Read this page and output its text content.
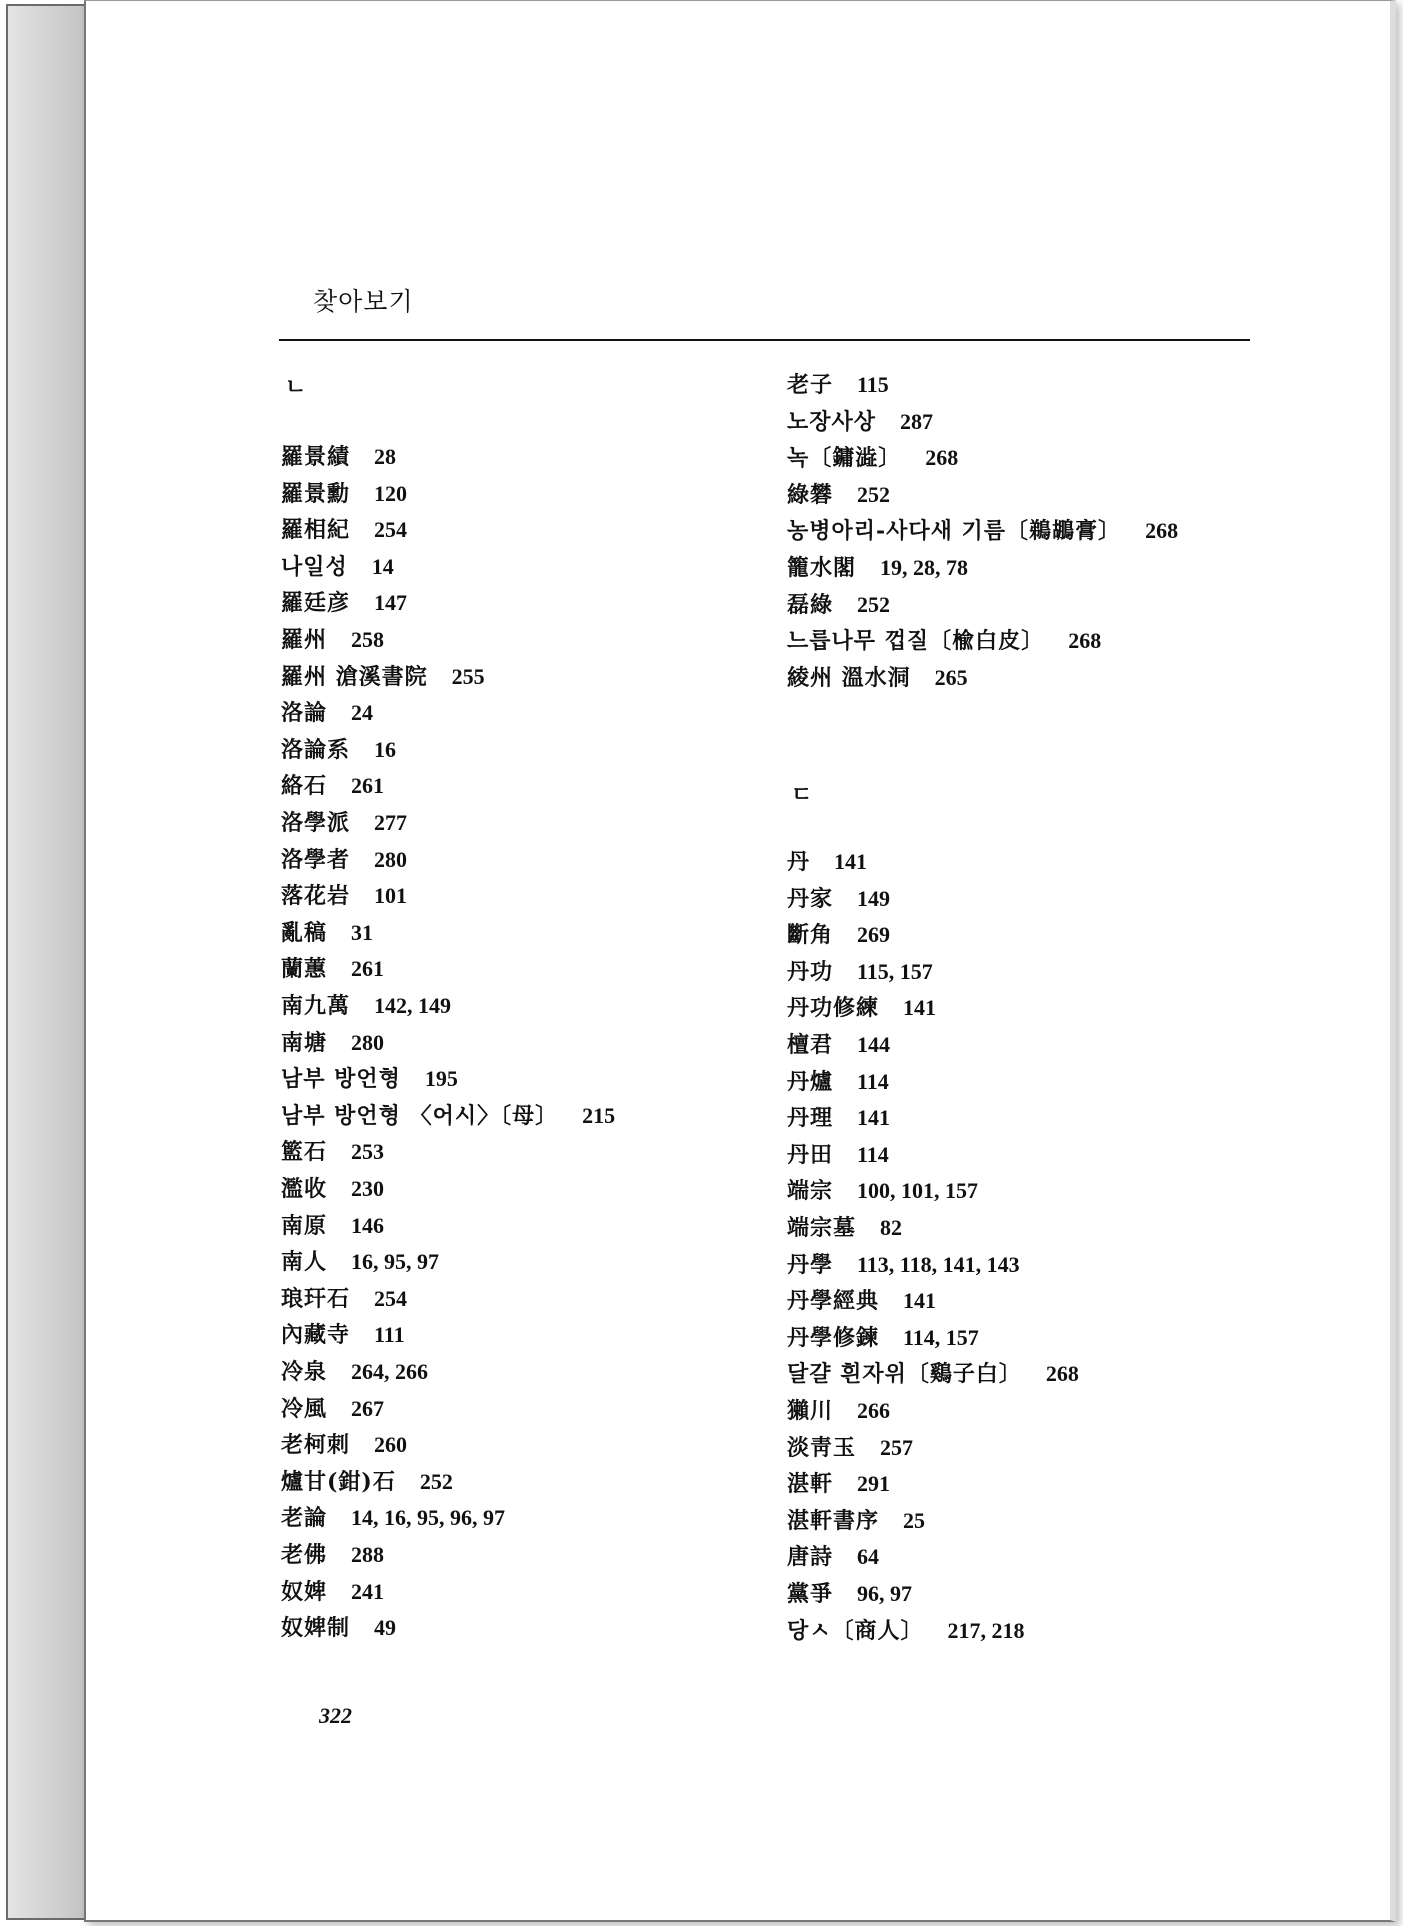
찾아보기
ㄴ
羅景績 28
羅景勳 120
羅相紀 254
나일성 14
羅廷彦 147
羅州 258
羅州 滄溪書院 255
洛論 24
洛論系 16
絡石 261
洛學派 277
洛學者 280
落花岩 101
亂稿 31
蘭蕙 261
南九萬 142, 149
南塘 280
남부 방언형 195
남부 방언형 〈어시〉〔母〕 215
籃石 253
濫收 230
南原 146
南人 16, 95, 97
琅玕石 254
內藏寺 111
冷泉 264, 266
冷風 267
老柯刺 260
爐甘(鉗)石 252
老論 14, 16, 95, 96, 97
老佛 288
奴婢 241
奴婢制 49
ㄷ
老子 115
노장사상 287
녹〔鏞澁〕 268
綠礬 252
농병아리-사다새 기름〔鵜鶘膏〕 268
籠水閣 19, 28, 78
磊綠 252
느릅나무 껍질〔楡白皮〕 268
綾州 溫水洞 265
丹 141
丹家 149
斷角 269
丹功 115, 157
丹功修練 141
檀君 144
丹爐 114
丹理 141
丹田 114
端宗 100, 101, 157
端宗墓 82
丹學 113, 118, 141, 143
丹學經典 141
丹學修鍊 114, 157
달걀 흰자위〔鷄子白〕 268
獺川 266
淡靑玉 257
湛軒 291
湛軒書序 25
唐詩 64
黨爭 96, 97
당ㅅ〔商人〕 217, 218
322
